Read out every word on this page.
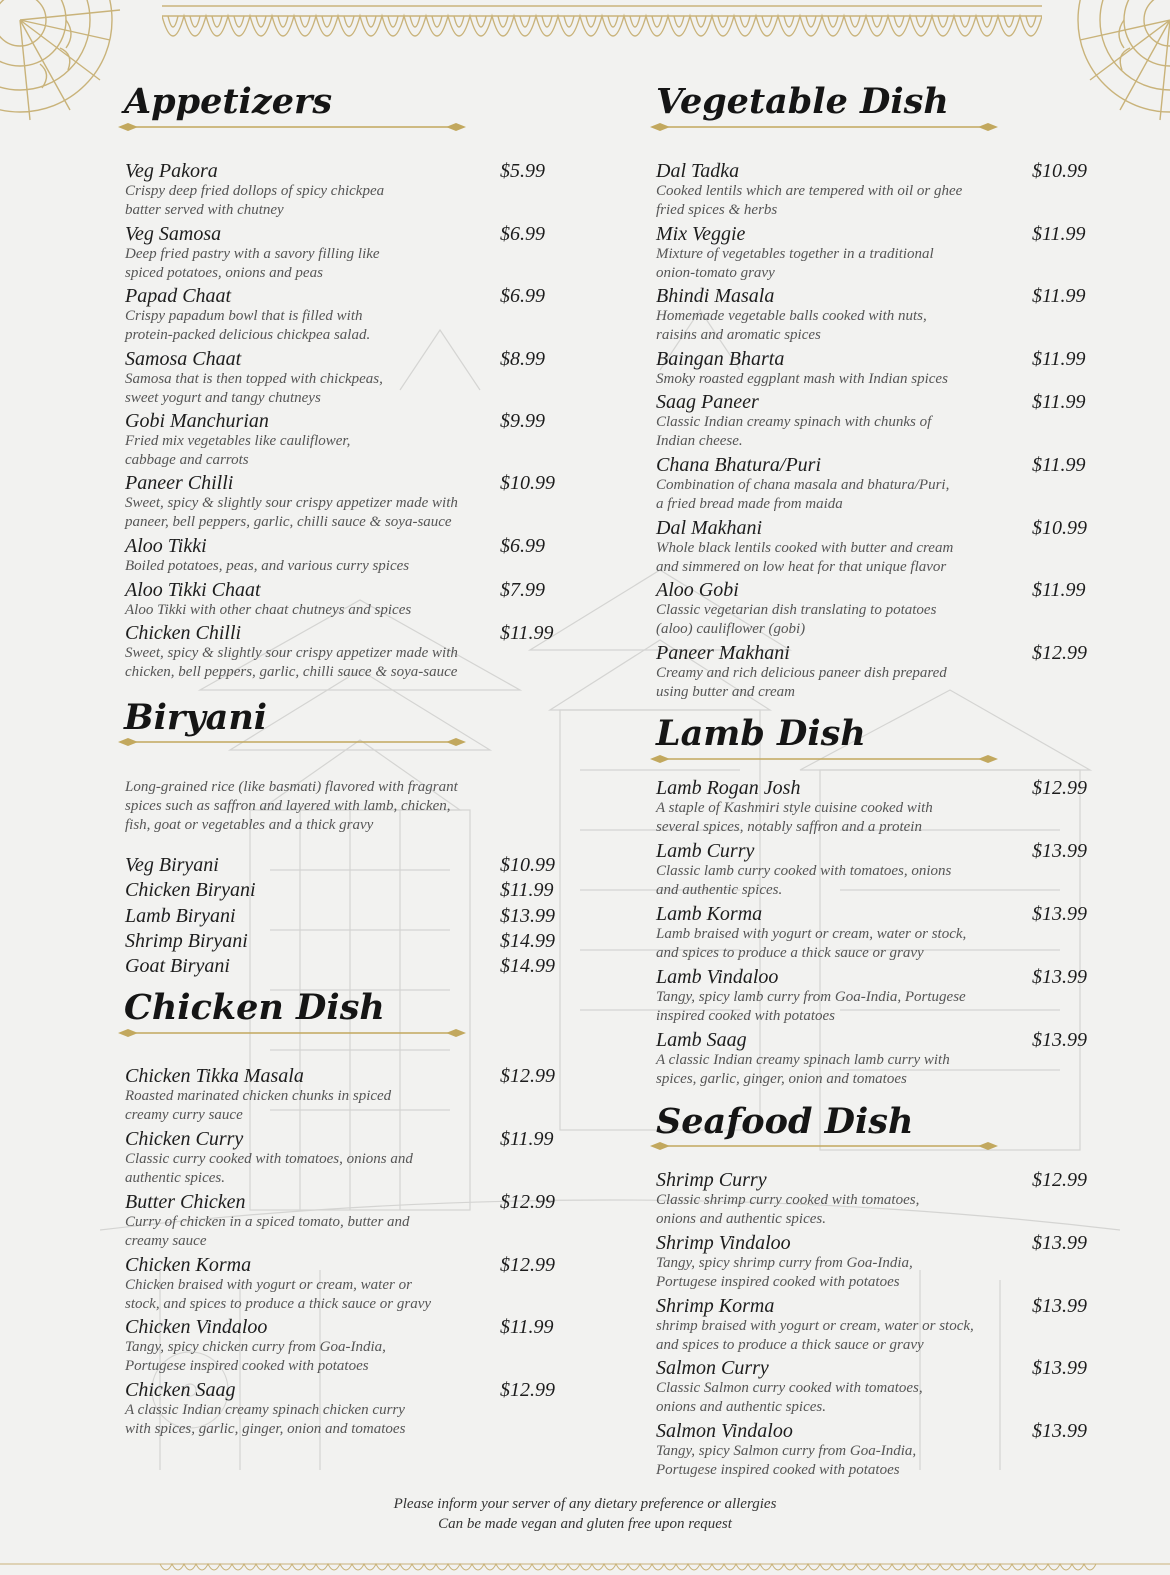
Appetizers
Veg Pakora	$5.99
Crispy deep fried dollops of spicy chickpea
batter served with chutney
Veg Samosa	$6.99
Deep fried pastry with a savory filling like
spiced potatoes, onions and peas
Papad Chaat	$6.99
Crispy papadum bowl that is filled with
protein-packed delicious chickpea salad.
Samosa Chaat	$8.99
Samosa that is then topped with chickpeas,
sweet yogurt and tangy chutneys
Gobi Manchurian	$9.99
Fried mix vegetables like cauliflower,
cabbage and carrots
Paneer Chilli	$10.99
Sweet, spicy & slightly sour crispy appetizer made with
paneer, bell peppers, garlic, chilli sauce & soya-sauce
Aloo Tikki	$6.99
Boiled potatoes, peas, and various curry spices
Aloo Tikki Chaat	$7.99
Aloo Tikki with other chaat chutneys and spices
Chicken Chilli	$11.99
Sweet, spicy & slightly sour crispy appetizer made with
chicken, bell peppers, garlic, chilli sauce & soya-sauce
Biryani
Long-grained rice (like basmati) flavored with fragrant
spices such as saffron and layered with lamb, chicken,
fish, goat or vegetables and a thick gravy
Veg Biryani	$10.99
Chicken Biryani	$11.99
Lamb Biryani	$13.99
Shrimp Biryani	$14.99
Goat Biryani	$14.99
Chicken Dish
Chicken Tikka Masala	$12.99
Roasted marinated chicken chunks in spiced
creamy curry sauce
Chicken Curry	$11.99
Classic curry cooked with tomatoes, onions and
authentic spices.
Butter Chicken	$12.99
Curry of chicken in a spiced tomato, butter and
creamy sauce
Chicken Korma	$12.99
Chicken braised with yogurt or cream, water or
stock, and spices to produce a thick sauce or gravy
Chicken Vindaloo	$11.99
Tangy, spicy chicken curry from Goa-India,
Portugese inspired cooked with potatoes
Chicken Saag	$12.99
A classic Indian creamy spinach chicken curry
with spices, garlic, ginger, onion and tomatoes
Vegetable Dish
Dal Tadka	$10.99
Cooked lentils which are tempered with oil or ghee
fried spices & herbs
Mix Veggie	$11.99
Mixture of vegetables together in a traditional
onion-tomato gravy
Bhindi Masala	$11.99
Homemade vegetable balls cooked with nuts,
raisins and aromatic spices
Baingan Bharta	$11.99
Smoky roasted eggplant mash with Indian spices
Saag Paneer	$11.99
Classic Indian creamy spinach with chunks of
Indian cheese.
Chana Bhatura/Puri	$11.99
Combination of chana masala and bhatura/Puri,
a fried bread made from maida
Dal Makhani	$10.99
Whole black lentils cooked with butter and cream
and simmered on low heat for that unique flavor
Aloo Gobi	$11.99
Classic vegetarian dish translating to potatoes
(aloo) cauliflower (gobi)
Paneer Makhani	$12.99
Creamy and rich delicious paneer dish prepared
using butter and cream
Lamb Dish
Lamb Rogan Josh	$12.99
A staple of Kashmiri style cuisine cooked with
several spices, notably saffron and a protein
Lamb Curry	$13.99
Classic lamb curry cooked with tomatoes, onions
and authentic spices.
Lamb Korma	$13.99
Lamb braised with yogurt or cream, water or stock,
and spices to produce a thick sauce or gravy
Lamb Vindaloo	$13.99
Tangy, spicy lamb curry from Goa-India, Portugese
inspired cooked with potatoes
Lamb Saag	$13.99
A classic Indian creamy spinach lamb curry with
spices, garlic, ginger, onion and tomatoes
Seafood Dish
Shrimp Curry	$12.99
Classic shrimp curry cooked with tomatoes,
onions and authentic spices.
Shrimp Vindaloo	$13.99
Tangy, spicy shrimp curry from Goa-India,
Portugese inspired cooked with potatoes
Shrimp Korma	$13.99
shrimp braised with yogurt or cream, water or stock,
and spices to produce a thick sauce or gravy
Salmon Curry	$13.99
Classic Salmon curry cooked with tomatoes,
onions and authentic spices.
Salmon Vindaloo	$13.99
Tangy, spicy Salmon curry from Goa-India,
Portugese inspired cooked with potatoes
Please inform your server of any dietary preference or allergies
Can be made vegan and gluten free upon request
